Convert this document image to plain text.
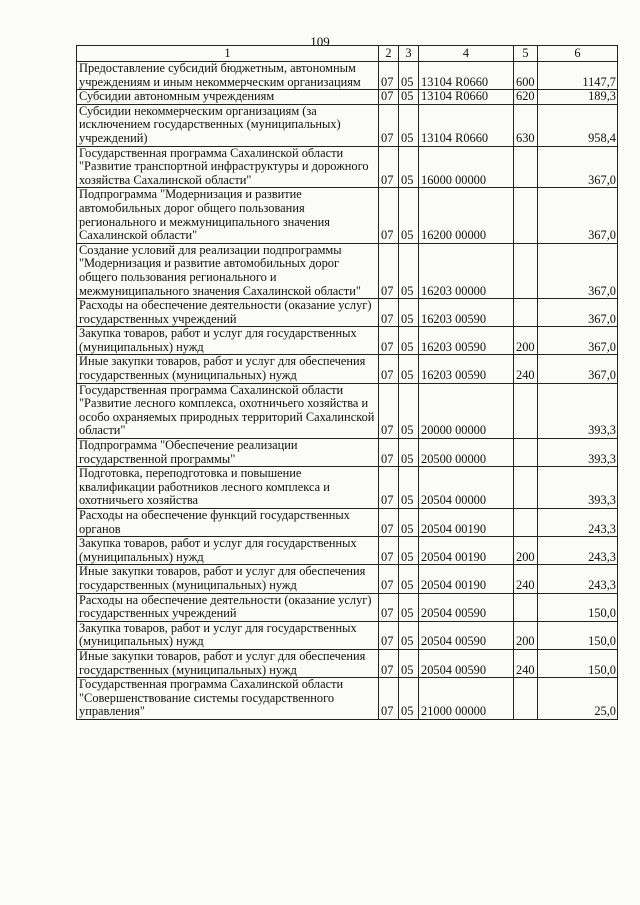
109
1	2	3	4	5	6
Предоставление субсидий бюджетным, автономным учреждениям и иным некоммерческим организациям	07	05	13104 R0660	600	1147,7
Субсидии автономным учреждениям	07	05	13104 R0660	620	189,3
Субсидии некоммерческим организациям (за исключением государственных (муниципальных) учреждений)	07	05	13104 R0660	630	958,4
Государственная программа Сахалинской области "Развитие транспортной инфраструктуры и дорожного хозяйства Сахалинской области"	07	05	16000 00000		367,0
Подпрограмма "Модернизация и развитие автомобильных дорог общего пользования регионального и межмуниципального значения Сахалинской области"	07	05	16200 00000		367,0
Создание условий для реализации подпрограммы "Модернизация и развитие автомобильных дорог общего пользования регионального и межмуниципального значения Сахалинской области"	07	05	16203 00000		367,0
Расходы на обеспечение деятельности (оказание услуг) государственных учреждений	07	05	16203 00590		367,0
Закупка товаров, работ и услуг для государственных (муниципальных) нужд	07	05	16203 00590	200	367,0
Иные закупки товаров, работ и услуг для обеспечения государственных (муниципальных) нужд	07	05	16203 00590	240	367,0
Государственная программа Сахалинской области "Развитие лесного комплекса, охотничьего хозяйства и особо охраняемых природных территорий Сахалинской области"	07	05	20000 00000		393,3
Подпрограмма "Обеспечение реализации государственной программы"	07	05	20500 00000		393,3
Подготовка, переподготовка и повышение квалификации работников лесного комплекса и охотничьего хозяйства	07	05	20504 00000		393,3
Расходы на обеспечение функций государственных органов	07	05	20504 00190		243,3
Закупка товаров, работ и услуг для государственных (муниципальных) нужд	07	05	20504 00190	200	243,3
Иные закупки товаров, работ и услуг для обеспечения государственных (муниципальных) нужд	07	05	20504 00190	240	243,3
Расходы на обеспечение деятельности (оказание услуг) государственных учреждений	07	05	20504 00590		150,0
Закупка товаров, работ и услуг для государственных (муниципальных) нужд	07	05	20504 00590	200	150,0
Иные закупки товаров, работ и услуг для обеспечения государственных (муниципальных) нужд	07	05	20504 00590	240	150,0
Государственная программа Сахалинской области "Совершенствование системы государственного управления"	07	05	21000 00000		25,0
